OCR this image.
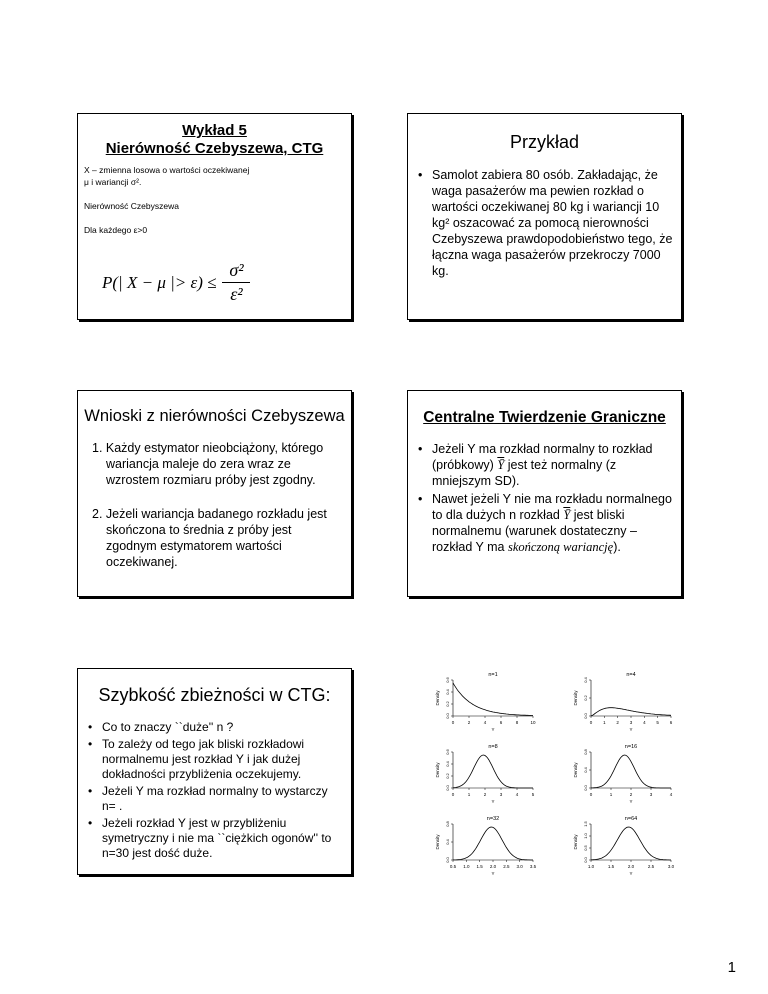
Wykład 5
Nierówność Czebyszewa, CTG
X – zmienna losowa o wartości oczekiwanej
μ i wariancji σ².
Nierówność Czebyszewa
Dla każdego ε>0
P(| X − μ |> ε) ≤
σ²
ε²
Przykład
• Samolot zabiera 80 osób. Zakładając, że waga pasażerów ma pewien rozkład o wartości oczekiwanej 80 kg i wariancji 10 kg² oszacować za pomocą nierowności Czebyszewa prawdopodobieństwo tego, że łączna waga pasażerów przekroczy 7000 kg.
Wnioski z nierówności Czebyszewa

1. Każdy estymator nieobciążony, którego wariancja maleje do zera wraz ze wzrostem rozmiaru próby jest zgodny.

2. Jeżeli wariancja badanego rozkładu jest skończona to średnia z próby jest zgodnym estymatorem wartości oczekiwanej.

Centralne Twierdzenie Graniczne
• Jeżeli Y ma rozkład normalny to rozkład (próbkowy) $\overline{Ȳ}$ jest też normalny (z mniejszym SD).
• Nawet jeżeli Y nie ma rozkładu normalnego to dla dużych n rozkład $\overline{Ȳ}$ jest bliski normalnemu (warunek dostateczny – rozkład Y ma skończoną wariancję).
Szybkość zbieżności w CTG:
• Co to znaczy ``duże'' n ?
• To zależy od tego jak bliski rozkładowi normalnemu jest rozkład Y i jak dużej dokładności przybliżenia oczekujemy.
• Jeżeli Y ma rozkład normalny to wystarczy n= .
• Jeżeli rozkład Y jest w przybliżeniu symetryczny i nie ma ``ciężkich ogonów'' to n=30 jest dość duże.
n=1
0	2	4	6	8	10
0.0
0.2
0.4
0.6
Density
Y
n=4
0 1 2 3 4 5 6
0.0
0.2
0.4
Density
Y
n=8
0	1	2	3	4	5
0.0
0.2
0.4
0.6
Density
Y
n=16
0	1	2	3	4
0.0
0.4
0.8
Density
Y
n=32
0.5 1.0 1.5 2.0 2.5 3.0 3.5
0.0
0.4
0.8
Density
Y
n=64
1.0	1.5	2.0	2.5	3.0
0.0
0.5
1.0
1.5
Density
Y
1
